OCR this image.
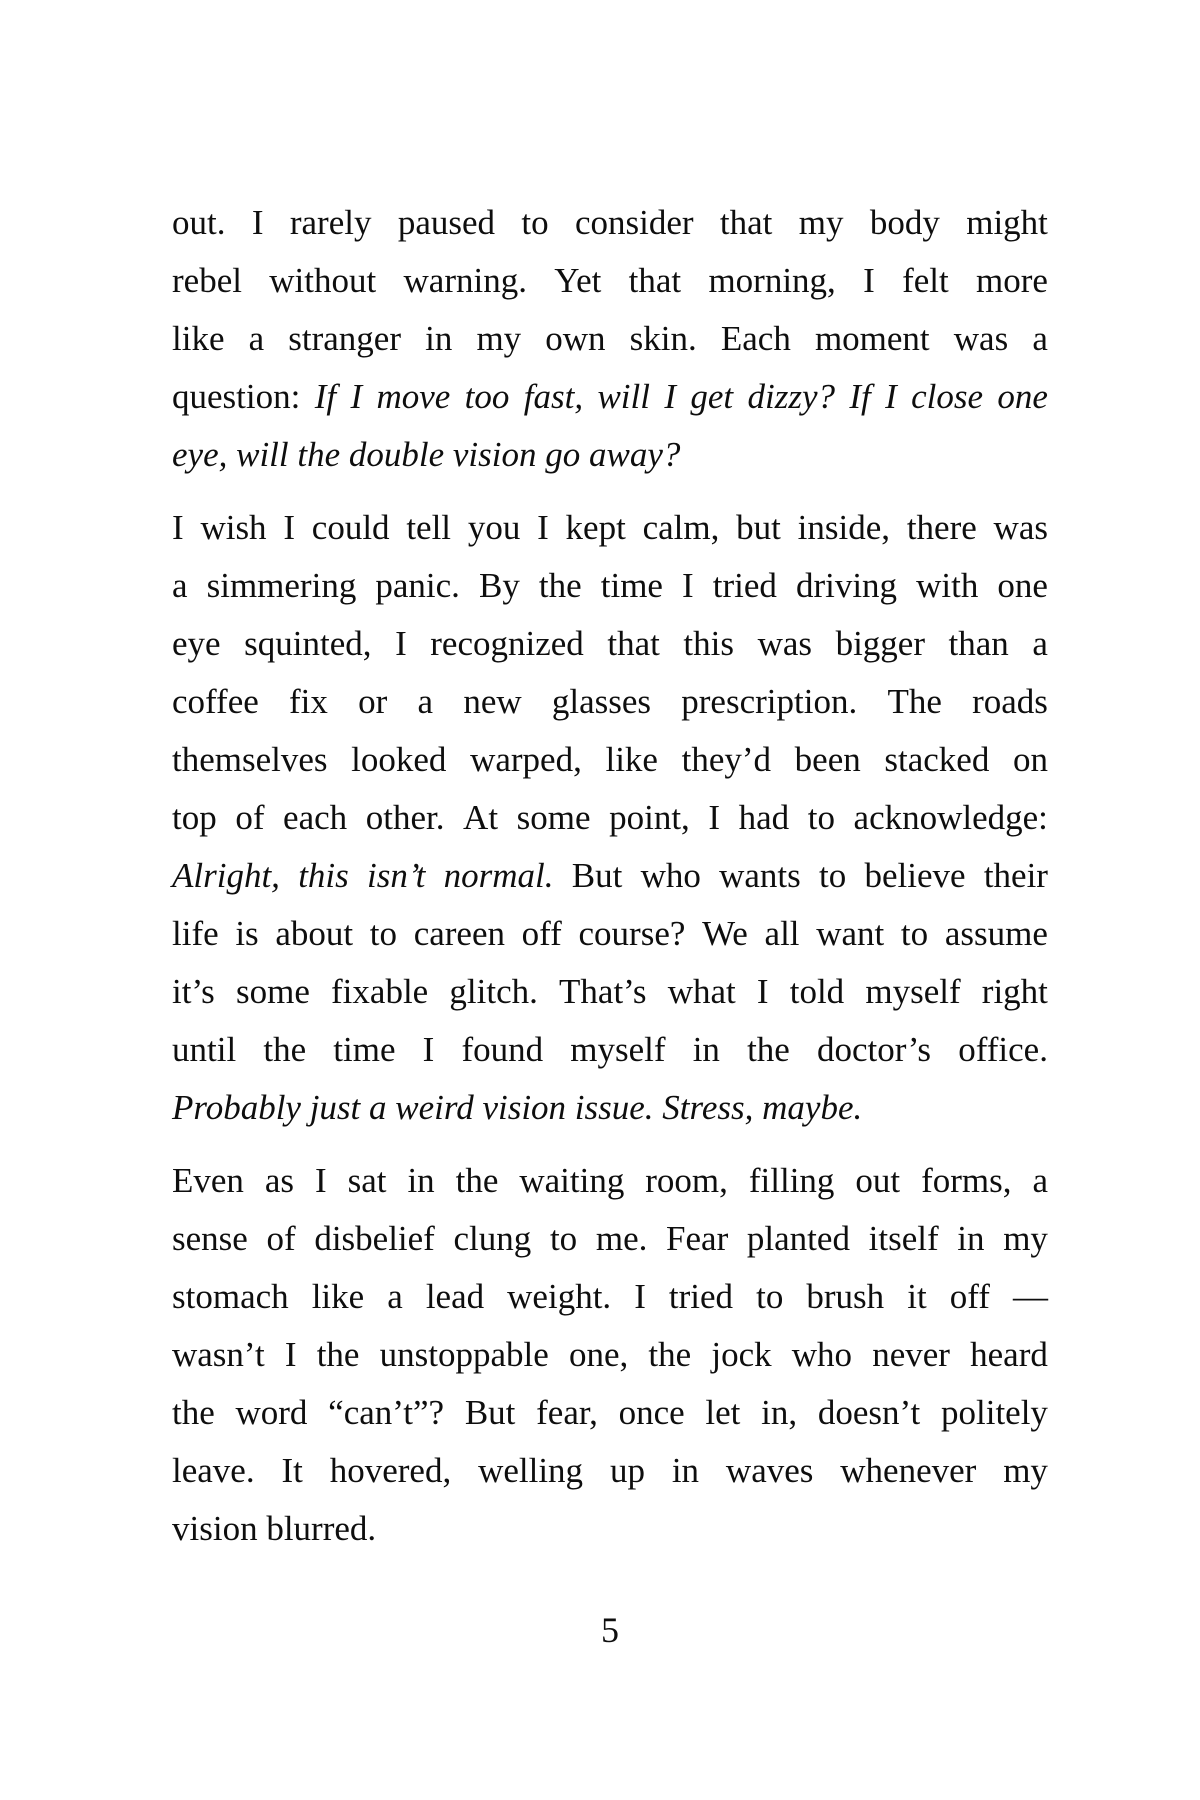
out. I rarely paused to consider that my body might
rebel without warning. Yet that morning, I felt more
like a stranger in my own skin. Each moment was a
question: If I move too fast, will I get dizzy? If I close one
eye, will the double vision go away?
I wish I could tell you I kept calm, but inside, there was
a simmering panic. By the time I tried driving with one
eye squinted, I recognized that this was bigger than a
coffee fix or a new glasses prescription. The roads
themselves looked warped, like they’d been stacked on
top of each other. At some point, I had to acknowledge:
Alright, this isn’t normal. But who wants to believe their
life is about to careen off course? We all want to assume
it’s some fixable glitch. That’s what I told myself right
until the time I found myself in the doctor’s office.
Probably just a weird vision issue. Stress, maybe.
Even as I sat in the waiting room, filling out forms, a
sense of disbelief clung to me. Fear planted itself in my
stomach like a lead weight. I tried to brush it off —
wasn’t I the unstoppable one, the jock who never heard
the word “can’t”? But fear, once let in, doesn’t politely
leave. It hovered, welling up in waves whenever my
vision blurred.
5
